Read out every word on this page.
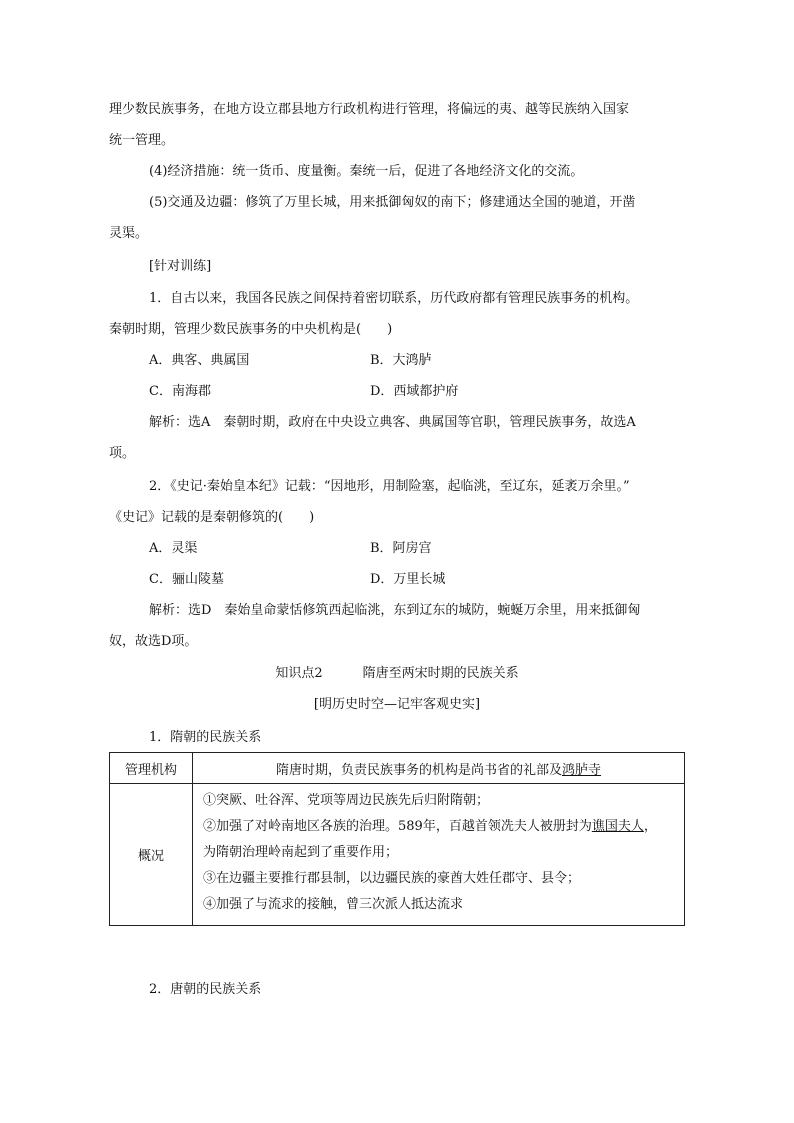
理少数民族事务，在地方设立郡县地方行政机构进行管理，将偏远的夷、越等民族纳入国家
统一管理。
(4)经济措施：统一货币、度量衡。秦统一后，促进了各地经济文化的交流。
(5)交通及边疆：修筑了万里长城，用来抵御匈奴的南下；修建通达全国的驰道，开凿
灵渠。
[针对训练]
1．自古以来，我国各民族之间保持着密切联系，历代政府都有管理民族事务的机构。
秦朝时期，管理少数民族事务的中央机构是(　　)
A．典客、典属国	B．大鸿胪
C．南海郡	D．西域都护府
解析：选A　秦朝时期，政府在中央设立典客、典属国等官职，管理民族事务，故选A
项。
2．《史记·秦始皇本纪》记载：“因地形，用制险塞，起临洮，至辽东，延袤万余里。”
《史记》记载的是秦朝修筑的(　　)
A．灵渠	B．阿房宫
C．骊山陵墓	D．万里长城
解析：选D　秦始皇命蒙恬修筑西起临洮，东到辽东的城防，蜿蜒万余里，用来抵御匈
奴，故选D项。
知识点2	隋唐至两宋时期的民族关系
[明历史时空—记牢客观史实]
1．隋朝的民族关系
管理机构	隋唐时期，负责民族事务的机构是尚书省的礼部及鸿胪寺
概况	①突厥、吐谷浑、党项等周边民族先后归附隋朝；
②加强了对岭南地区各族的治理。589年，百越首领冼夫人被册封为谯国夫人，
为隋朝治理岭南起到了重要作用；
③在边疆主要推行郡县制，以边疆民族的豪酋大姓任郡守、县令；
④加强了与流求的接触，曾三次派人抵达流求
2．唐朝的民族关系
